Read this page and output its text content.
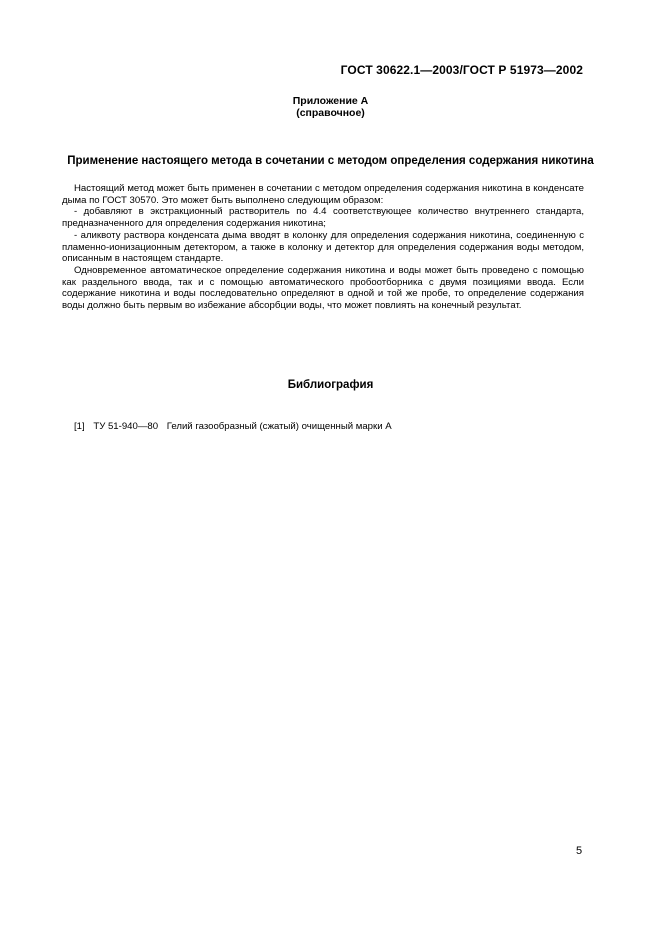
ГОСТ 30622.1—2003/ГОСТ Р 51973—2002
Приложение А
(справочное)
Применение настоящего метода в сочетании с методом определения содержания никотина

Настоящий метод может быть применен в сочетании с методом определения содержания никотина в конденсате дыма по ГОСТ 30570. Это может быть выполнено следующим образом:

- добавляют в экстракционный растворитель по 4.4 соответствующее количество внутреннего стандарта, предназначенного для определения содержания никотина;

- аликвоту раствора конденсата дыма вводят в колонку для определения содержания никотина, соединенную с пламенно-ионизационным детектором, а также в колонку и детектор для определения содержания воды методом, описанным в настоящем стандарте.

Одновременное автоматическое определение содержания никотина и воды может быть проведено с помощью как раздельного ввода, так и с помощью автоматического пробоотборника с двумя позициями ввода. Если содержание никотина и воды последовательно определяют в одной и той же пробе, то определение содержания воды должно быть первым во избежание абсорбции воды, что может повлиять на конечный результат.

Библиография
[1] ТУ 51-940—80 Гелий газообразный (сжатый) очищенный марки А
5
